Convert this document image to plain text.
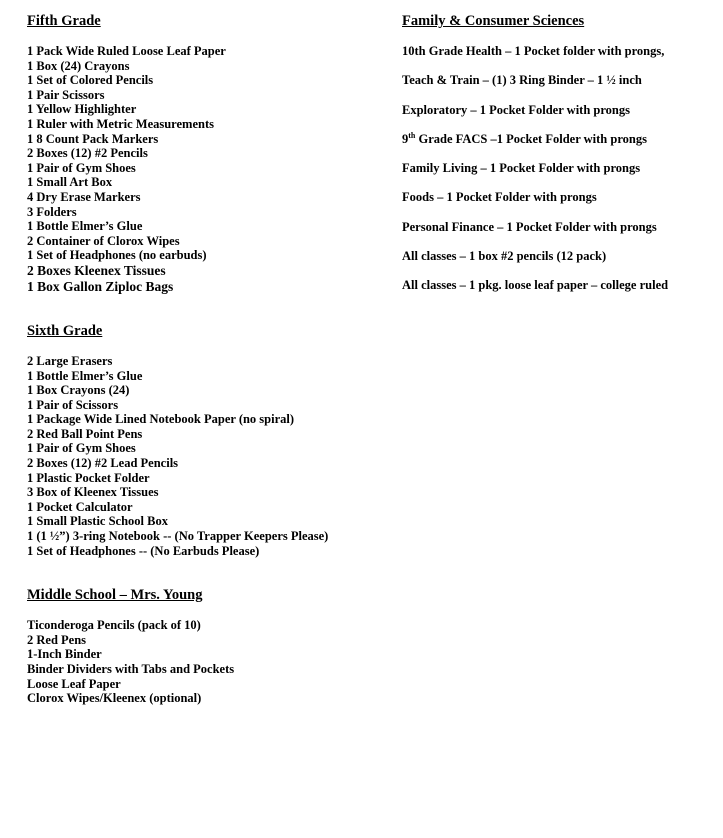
Fifth Grade
1 Pack Wide Ruled Loose Leaf Paper
1 Box (24) Crayons
1 Set of Colored Pencils
1 Pair Scissors
1 Yellow Highlighter
1 Ruler with Metric Measurements
1 8 Count Pack Markers
2 Boxes (12) #2 Pencils
1 Pair of Gym Shoes
1 Small Art Box
4 Dry Erase Markers
3 Folders
1 Bottle Elmer’s Glue
2 Container of Clorox Wipes
1 Set of Headphones (no earbuds)
2 Boxes Kleenex Tissues
1 Box Gallon Ziploc Bags
Sixth Grade
2 Large Erasers
1 Bottle Elmer’s Glue
1 Box Crayons (24)
1 Pair of Scissors
1 Package Wide Lined Notebook Paper (no spiral)
2 Red Ball Point Pens
1 Pair of Gym Shoes
2 Boxes (12) #2 Lead Pencils
1 Plastic Pocket Folder
3 Box of Kleenex Tissues
1 Pocket Calculator
1 Small Plastic School Box
1 (1 ½”) 3-ring Notebook -- (No Trapper Keepers Please)
1 Set of Headphones -- (No Earbuds Please)
Middle School – Mrs. Young
Ticonderoga Pencils (pack of 10)
2 Red Pens
1-Inch Binder
Binder Dividers with Tabs and Pockets
Loose Leaf Paper
Clorox Wipes/Kleenex (optional)
Family & Consumer Sciences
10th Grade Health – 1 Pocket folder with prongs,
Teach & Train – (1) 3 Ring Binder – 1 ½ inch
Exploratory – 1 Pocket Folder with prongs
9th Grade FACS –1 Pocket Folder with prongs
Family Living – 1 Pocket Folder with prongs
Foods – 1 Pocket Folder with prongs
Personal Finance – 1 Pocket Folder with prongs
All classes – 1 box #2 pencils (12 pack)
All classes – 1 pkg. loose leaf paper – college ruled
